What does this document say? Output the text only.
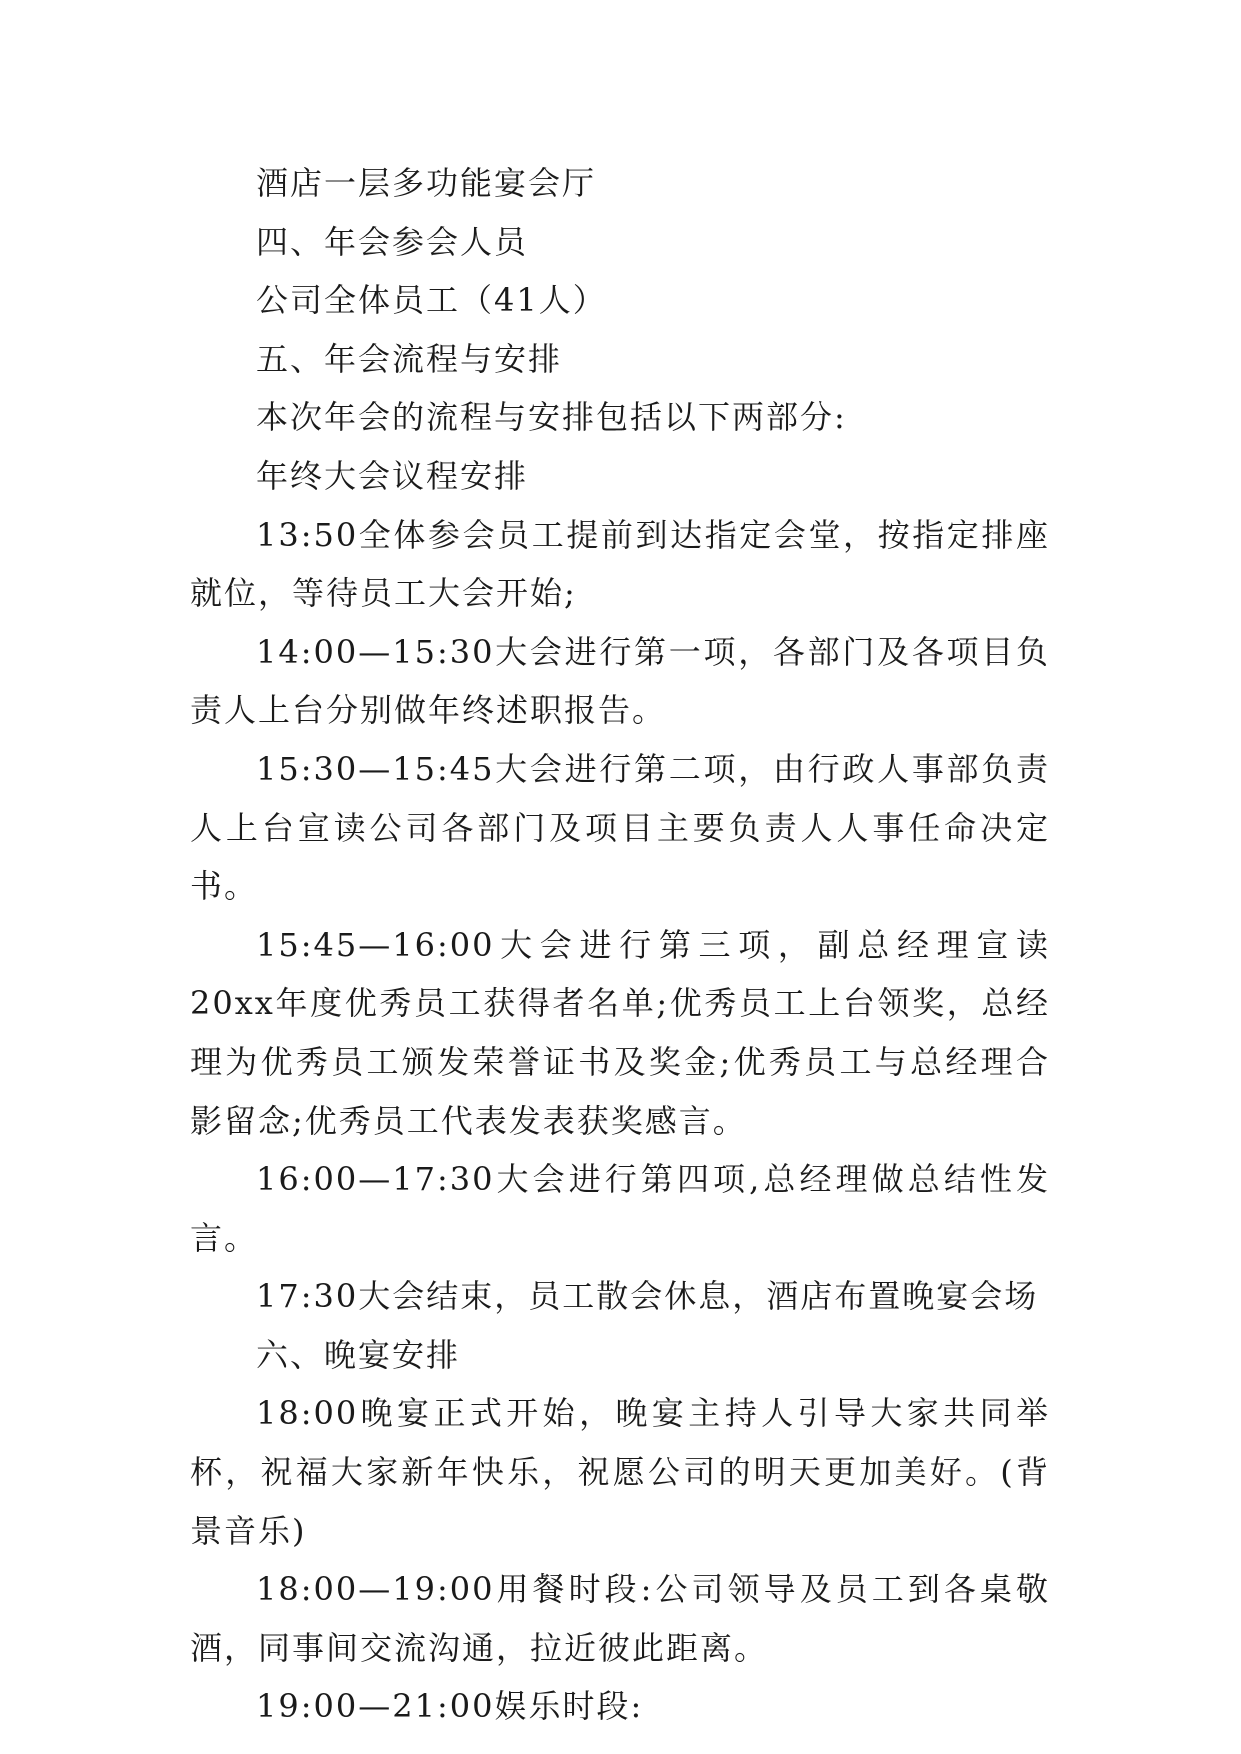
酒店一层多功能宴会厅

四、年会参会人员

公司全体员工（41人）

五、年会流程与安排

本次年会的流程与安排包括以下两部分:

年终大会议程安排

13:50全体参会员工提前到达指定会堂，按指定排座就位，等待员工大会开始;

14:00—15:30大会进行第一项，各部门及各项目负责人上台分别做年终述职报告。

15:30—15:45大会进行第二项，由行政人事部负责人上台宣读公司各部门及项目主要负责人人事任命决定书。

15:45—16:00大会进行第三项，副总经理宣读20xx年度优秀员工获得者名单;优秀员工上台领奖，总经理为优秀员工颁发荣誉证书及奖金;优秀员工与总经理合影留念;优秀员工代表发表获奖感言。

16:00—17:30大会进行第四项,总经理做总结性发言。

17:30大会结束，员工散会休息，酒店布置晚宴会场

六、晚宴安排

18:00晚宴正式开始，晚宴主持人引导大家共同举杯，祝福大家新年快乐，祝愿公司的明天更加美好。(背景音乐)

18:00—19:00用餐时段:公司领导及员工到各桌敬酒，同事间交流沟通，拉近彼此距离。

19:00—21:00娱乐时段:
